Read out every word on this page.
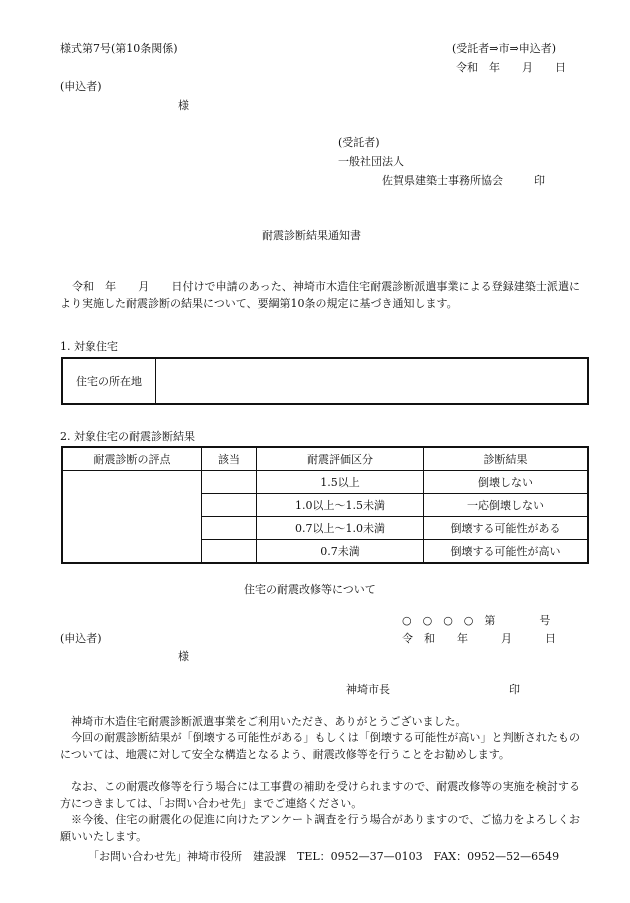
様式第7号(第10条関係)	(受託者⇒市⇒申込者)
令和　年　　月　　日
(申込者)
様
(受託者)
一般社団法人
佐賀県建築士事務所協会	印
耐震診断結果通知書
令和　年　　月　　日付けで申請のあった、神埼市木造住宅耐震診断派遣事業による登録建築士派遣により実施した耐震診断の結果について、要綱第10条の規定に基づき通知します。
1. 対象住宅
住宅の所在地	
2. 対象住宅の耐震診断結果
耐震診断の評点	該当	耐震評価区分	診断結果
		1.5以上	倒壊しない
		1.0以上～1.5未満	一応倒壊しない
		0.7以上～1.0未満	倒壊する可能性がある
		0.7未満	倒壊する可能性が高い
住宅の耐震改修等について
○　○　○　○　第　　　　号
令　和　　年　　　月　　　日
(申込者)
様
神埼市長	印
神埼市木造住宅耐震診断派遣事業をご利用いただき、ありがとうございました。
今回の耐震診断結果が「倒壊する可能性がある」もしくは「倒壊する可能性が高い」と判断されたものについては、地震に対して安全な構造となるよう、耐震改修等を行うことをお勧めします。
なお、この耐震改修等を行う場合には工事費の補助を受けられますので、耐震改修等の実施を検討する方につきましては、「お問い合わせ先」までご連絡ください。
※今後、住宅の耐震化の促進に向けたアンケート調査を行う場合がありますので、ご協力をよろしくお願いいたします。
「お問い合わせ先」神埼市役所　建設課　TEL：0952—37—0103　FAX：0952—52—6549
